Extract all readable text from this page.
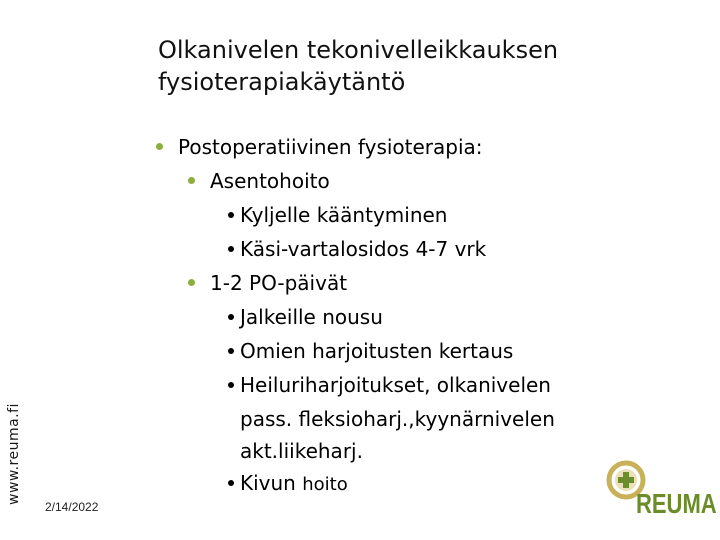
www.reuma.fi
Olkanivelen tekonivelleikkauksen
fysioterapiakäytäntö
Postoperatiivinen fysioterapia:
Asentohoito
Kyljelle kääntyminen
Käsi-vartalosidos 4-7 vrk
1-2 PO-päivät
Jalkeille nousu
Omien harjoitusten kertaus
Heiluriharjoitukset, olkanivelen
pass. fleksioharj.,kyynärnivelen
akt.liikeharj.
Kivun hoito
2/14/2022	REUMA
